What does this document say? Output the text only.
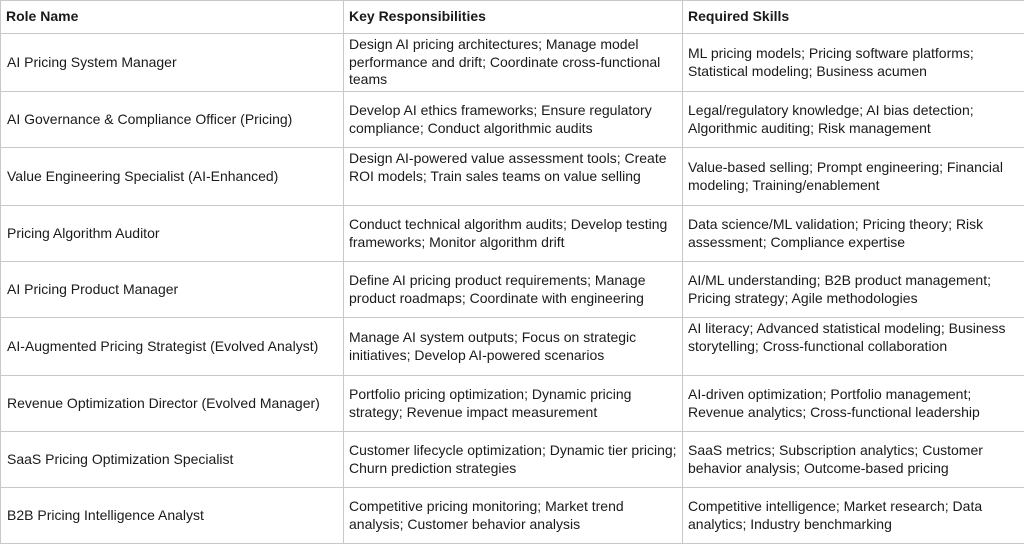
Role Name	Key Responsibilities	Required Skills
AI Pricing System Manager	Design AI pricing architectures; Manage model performance and drift; Coordinate cross-functional teams	ML pricing models; Pricing software platforms; Statistical modeling; Business acumen
AI Governance & Compliance Officer (Pricing)	Develop AI ethics frameworks; Ensure regulatory compliance; Conduct algorithmic audits	Legal/regulatory knowledge; AI bias detection; Algorithmic auditing; Risk management
Value Engineering Specialist (AI-Enhanced)	Design AI-powered value assessment tools; Create ROI models; Train sales teams on value selling	Value-based selling; Prompt engineering; Financial modeling; Training/enablement
Pricing Algorithm Auditor	Conduct technical algorithm audits; Develop testing frameworks; Monitor algorithm drift	Data science/ML validation; Pricing theory; Risk assessment; Compliance expertise
AI Pricing Product Manager	Define AI pricing product requirements; Manage product roadmaps; Coordinate with engineering	AI/ML understanding; B2B product management; Pricing strategy; Agile methodologies
AI-Augmented Pricing Strategist (Evolved Analyst)	Manage AI system outputs; Focus on strategic initiatives; Develop AI-powered scenarios	AI literacy; Advanced statistical modeling; Business storytelling; Cross-functional collaboration
Revenue Optimization Director (Evolved Manager)	Portfolio pricing optimization; Dynamic pricing strategy; Revenue impact measurement	AI-driven optimization; Portfolio management; Revenue analytics; Cross-functional leadership
SaaS Pricing Optimization Specialist	Customer lifecycle optimization; Dynamic tier pricing; Churn prediction strategies	SaaS metrics; Subscription analytics; Customer behavior analysis; Outcome-based pricing
B2B Pricing Intelligence Analyst	Competitive pricing monitoring; Market trend analysis; Customer behavior analysis	Competitive intelligence; Market research; Data analytics; Industry benchmarking
